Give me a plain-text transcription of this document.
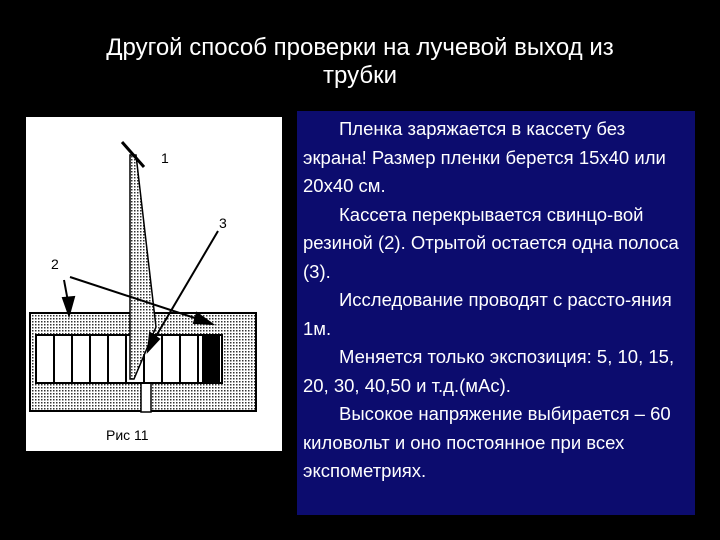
Другой способ проверки на лучевой выход из
трубки
1
3
2
Рис 11

Пленка заряжается в кассету без экрана! Размер пленки берется 15х40 или 20х40 см.

Кассета перекрывается свинцо-вой резиной (2). Отрытой остается одна полоса (3).

Исследование проводят с рассто-яния 1м.

Меняется только экспозиция: 5, 10, 15, 20, 30, 40,50 и т.д.(мАс).

Высокое напряжение выбирается – 60 киловольт и оно постоянное при всех экспометриях.
